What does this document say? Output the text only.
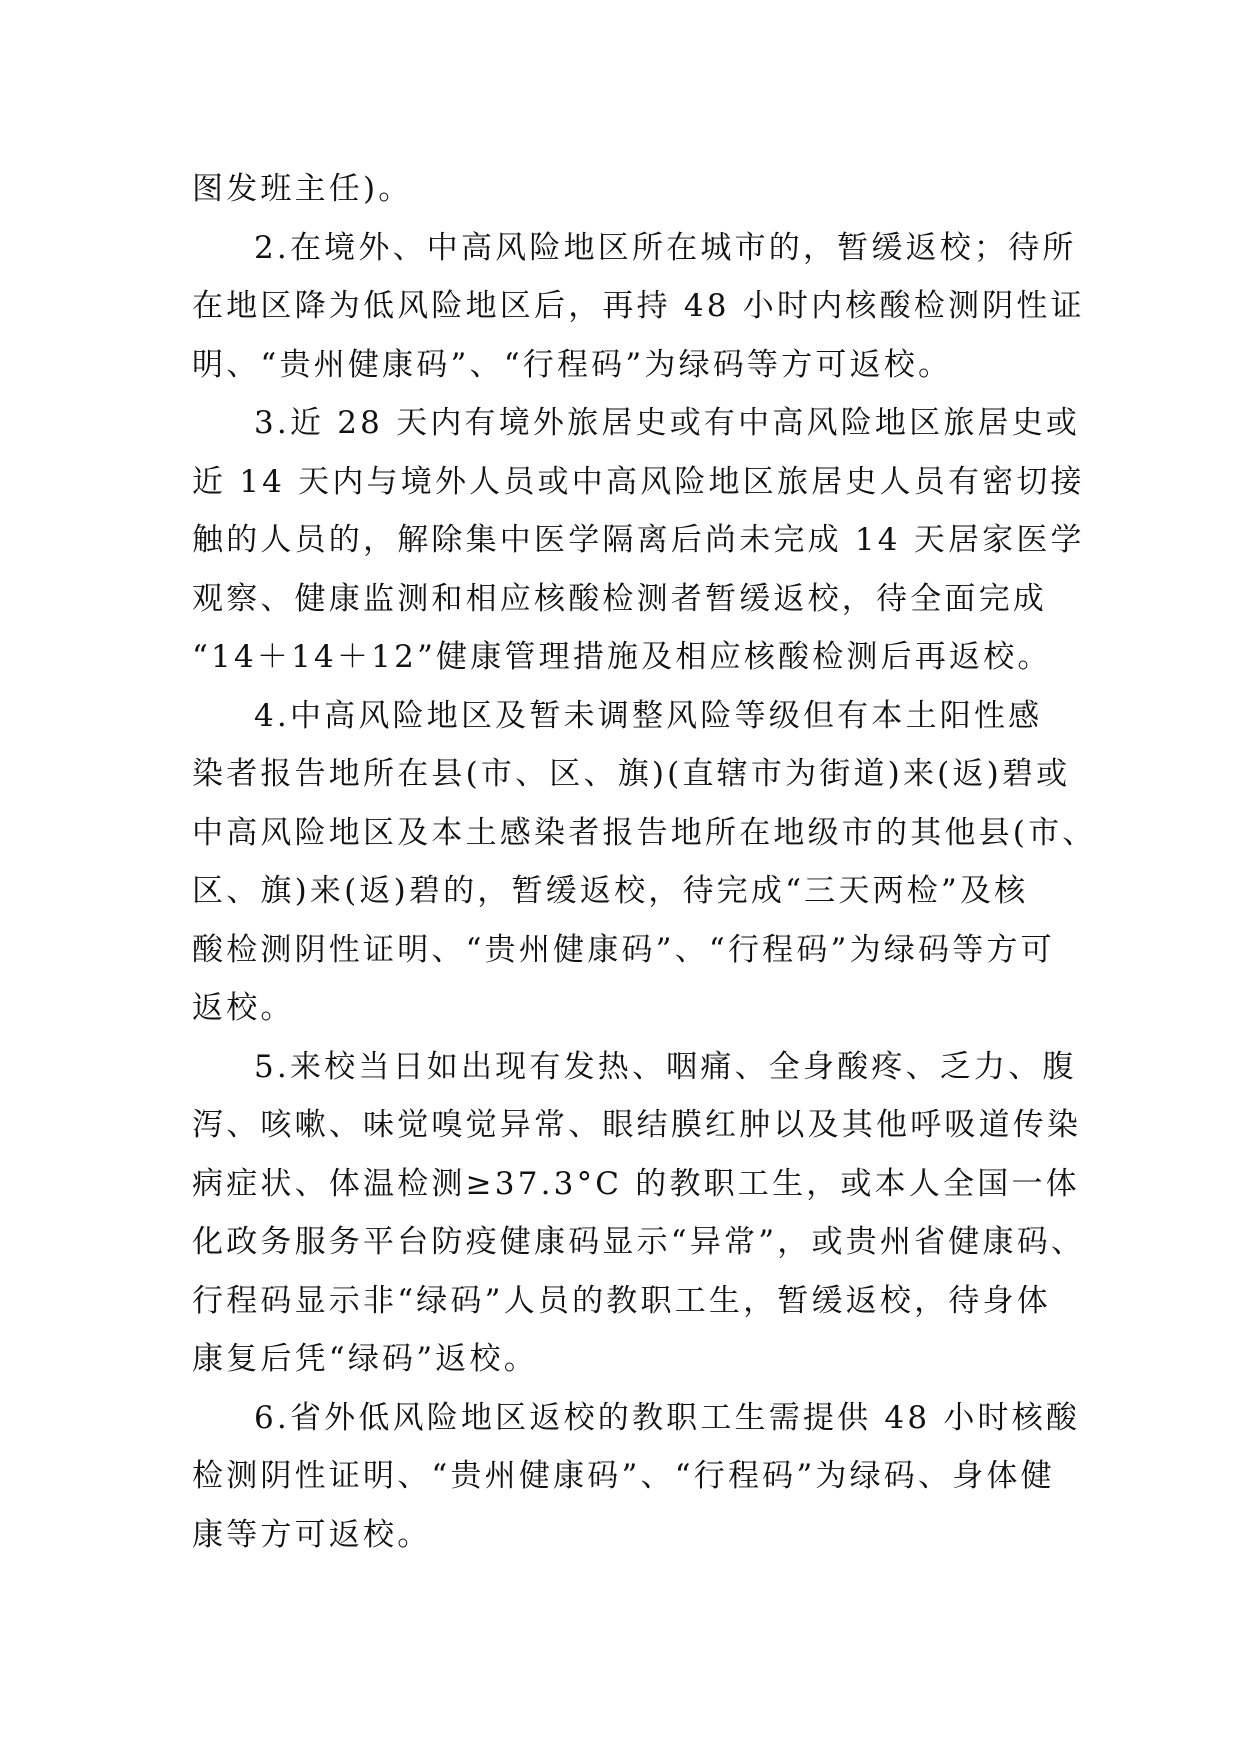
图发班主任)。
2.在境外、中高风险地区所在城市的，暂缓返校；待所
在地区降为低风险地区后，再持 48 小时内核酸检测阴性证
明、“贵州健康码”、“行程码”为绿码等方可返校。
3.近 28 天内有境外旅居史或有中高风险地区旅居史或
近 14 天内与境外人员或中高风险地区旅居史人员有密切接
触的人员的，解除集中医学隔离后尚未完成 14 天居家医学
观察、健康监测和相应核酸检测者暂缓返校，待全面完成
“14＋14＋12”健康管理措施及相应核酸检测后再返校。
4.中高风险地区及暂未调整风险等级但有本土阳性感
染者报告地所在县(市、区、旗)(直辖市为街道)来(返)碧或
中高风险地区及本土感染者报告地所在地级市的其他县(市、
区、旗)来(返)碧的，暂缓返校，待完成“三天两检”及核
酸检测阴性证明、“贵州健康码”、“行程码”为绿码等方可
返校。
5.来校当日如出现有发热、咽痛、全身酸疼、乏力、腹
泻、咳嗽、味觉嗅觉异常、眼结膜红肿以及其他呼吸道传染
病症状、体温检测≥37.3°C 的教职工生，或本人全国一体
化政务服务平台防疫健康码显示“异常”，或贵州省健康码、
行程码显示非“绿码”人员的教职工生，暂缓返校，待身体
康复后凭“绿码”返校。
6.省外低风险地区返校的教职工生需提供 48 小时核酸
检测阴性证明、“贵州健康码”、“行程码”为绿码、身体健
康等方可返校。
